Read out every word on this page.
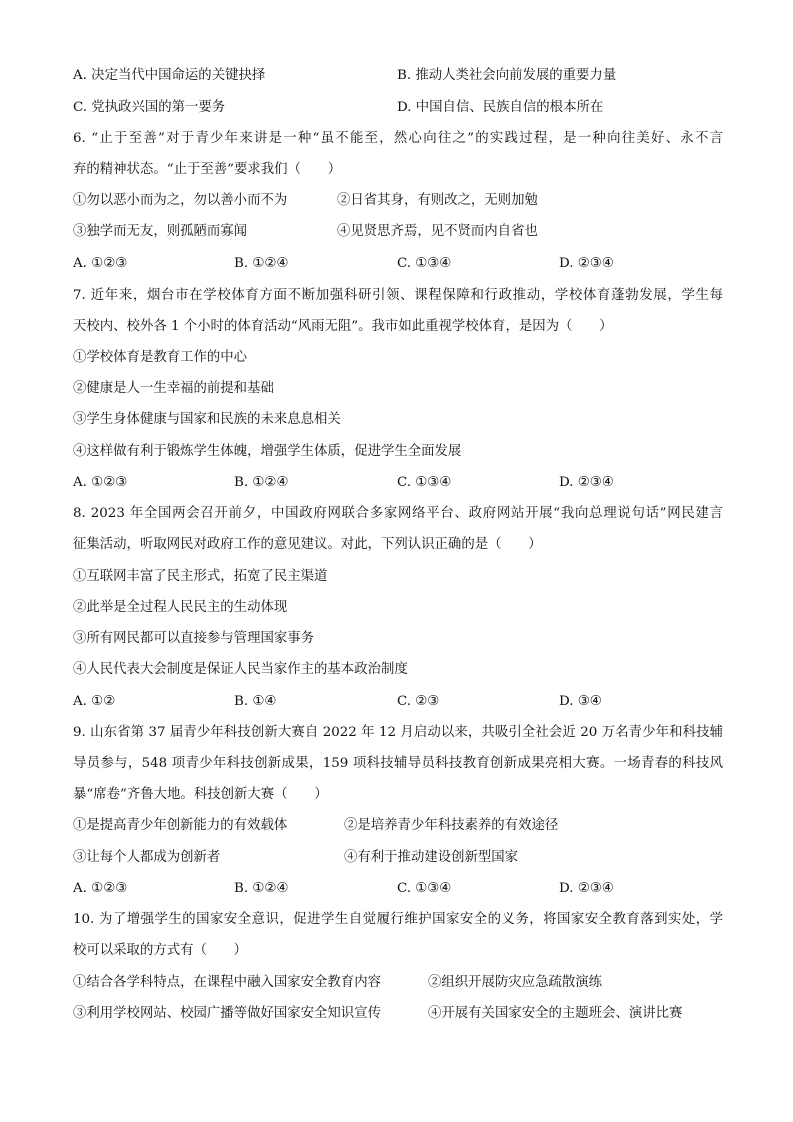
A. 决定当代中国命运的关键抉择	B. 推动人类社会向前发展的重要力量
C. 党执政兴国的第一要务	D. 中国自信、民族自信的根本所在
6. “止于至善”对于青少年来讲是一种“虽不能至，然心向往之”的实践过程，是一种向往美好、永不言
弃的精神状态。“止于至善”要求我们（　　）
①勿以恶小而为之，勿以善小而不为	②日省其身，有则改之，无则加勉
③独学而无友，则孤陋而寡闻	④见贤思齐焉，见不贤而内自省也
A. ①②③	B. ①②④	C. ①③④	D. ②③④
7. 近年来，烟台市在学校体育方面不断加强科研引领、课程保障和行政推动，学校体育蓬勃发展，学生每
天校内、校外各 1 个小时的体育活动“风雨无阻”。我市如此重视学校体育，是因为（　　）
①学校体育是教育工作的中心
②健康是人一生幸福的前提和基础
③学生身体健康与国家和民族的未来息息相关
④这样做有利于锻炼学生体魄，增强学生体质，促进学生全面发展
A. ①②③	B. ①②④	C. ①③④	D. ②③④
8. 2023 年全国两会召开前夕，中国政府网联合多家网络平台、政府网站开展“我向总理说句话”网民建言
征集活动，听取网民对政府工作的意见建议。对此，下列认识正确的是（　　）
①互联网丰富了民主形式，拓宽了民主渠道
②此举是全过程人民民主的生动体现
③所有网民都可以直接参与管理国家事务
④人民代表大会制度是保证人民当家作主的基本政治制度
A. ①②	B. ①④	C. ②③	D. ③④
9. 山东省第 37 届青少年科技创新大赛自 2022 年 12 月启动以来，共吸引全社会近 20 万名青少年和科技辅
导员参与，548 项青少年科技创新成果，159 项科技辅导员科技教育创新成果亮相大赛。一场青春的科技风
暴“席卷”齐鲁大地。科技创新大赛（　　）
①是提高青少年创新能力的有效载体	②是培养青少年科技素养的有效途径
③让每个人都成为创新者	④有利于推动建设创新型国家
A. ①②③	B. ①②④	C. ①③④	D. ②③④
10. 为了增强学生的国家安全意识，促进学生自觉履行维护国家安全的义务，将国家安全教育落到实处，学
校可以采取的方式有（　　）
①结合各学科特点，在课程中融入国家安全教育内容	②组织开展防灾应急疏散演练
③利用学校网站、校园广播等做好国家安全知识宣传	④开展有关国家安全的主题班会、演讲比赛
